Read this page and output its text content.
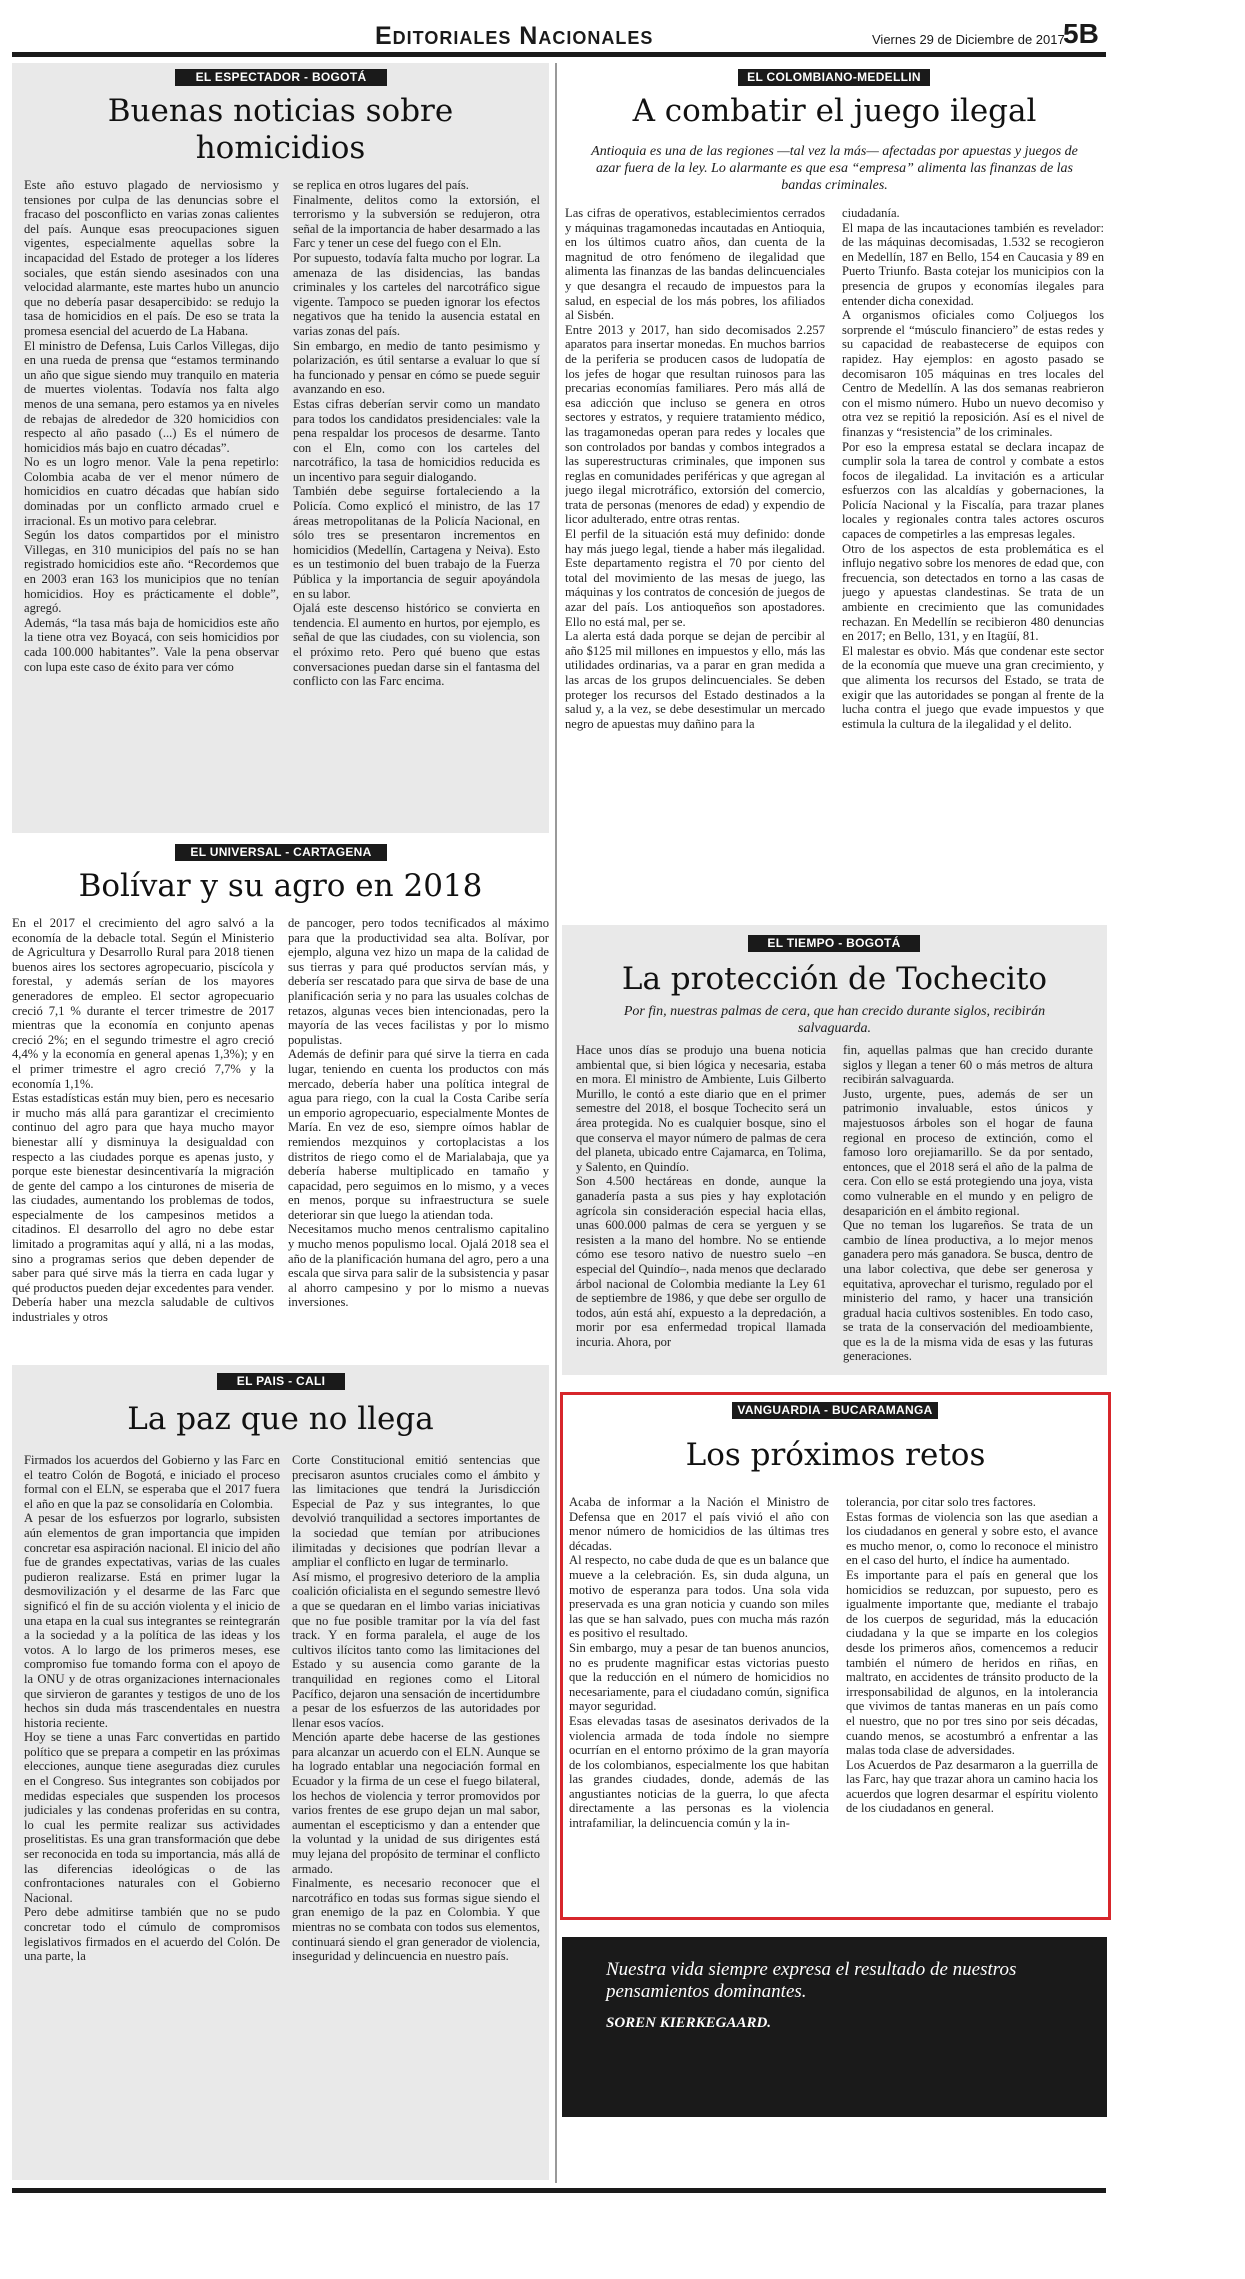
Editoriales Nacionales	Viernes 29 de Diciembre de 2017
5B
EL ESPECTADOR - BOGOTÁ
Buenas noticias sobre
homicidios
Este año estuvo plagado de nerviosismo y tensiones por culpa de las denuncias sobre el fracaso del posconflicto en varias zonas calientes del país. Aunque esas preocupaciones siguen vigentes, especialmente aquellas sobre la incapacidad del Estado de proteger a los líderes sociales, que están siendo asesinados con una velocidad alarmante, este martes hubo un anuncio que no debería pasar desapercibido: se redujo la tasa de homicidios en el país. De eso se trata la promesa esencial del acuerdo de La Habana.
El ministro de Defensa, Luis Carlos Villegas, dijo en una rueda de prensa que “estamos terminando un año que sigue siendo muy tranquilo en materia de muertes violentas. Todavía nos falta algo menos de una semana, pero estamos ya en niveles de rebajas de alrededor de 320 homicidios con respecto al año pasado (...) Es el número de homicidios más bajo en cuatro décadas”.
No es un logro menor. Vale la pena repetirlo: Colombia acaba de ver el menor número de homicidios en cuatro décadas que habían sido dominadas por un conflicto armado cruel e irracional. Es un motivo para celebrar.
Según los datos compartidos por el ministro Villegas, en 310 municipios del país no se han registrado homicidios este año. “Recordemos que en 2003 eran 163 los municipios que no tenían homicidios. Hoy es prácticamente el doble”, agregó.
Además, “la tasa más baja de homicidios este año la tiene otra vez Boyacá, con seis homicidios por cada 100.000 habitantes”. Vale la pena observar con lupa este caso de éxito para ver cómo
se replica en otros lugares del país.
Finalmente, delitos como la extorsión, el terrorismo y la subversión se redujeron, otra señal de la importancia de haber desarmado a las Farc y tener un cese del fuego con el Eln.
Por supuesto, todavía falta mucho por lograr. La amenaza de las disidencias, las bandas criminales y los carteles del narcotráfico sigue vigente. Tampoco se pueden ignorar los efectos negativos que ha tenido la ausencia estatal en varias zonas del país.
Sin embargo, en medio de tanto pesimismo y polarización, es útil sentarse a evaluar lo que sí ha funcionado y pensar en cómo se puede seguir avanzando en eso.
Estas cifras deberían servir como un mandato para todos los candidatos presidenciales: vale la pena respaldar los procesos de desarme. Tanto con el Eln, como con los carteles del narcotráfico, la tasa de homicidios reducida es un incentivo para seguir dialogando.
También debe seguirse fortaleciendo a la Policía. Como explicó el ministro, de las 17 áreas metropolitanas de la Policía Nacional, en sólo tres se presentaron incrementos en homicidios (Medellín, Cartagena y Neiva). Esto es un testimonio del buen trabajo de la Fuerza Pública y la importancia de seguir apoyándola en su labor.
Ojalá este descenso histórico se convierta en tendencia. El aumento en hurtos, por ejemplo, es señal de que las ciudades, con su violencia, son el próximo reto. Pero qué bueno que estas conversaciones puedan darse sin el fantasma del conflicto con las Farc encima.
EL UNIVERSAL - CARTAGENA
Bolívar y su agro en 2018
En el 2017 el crecimiento del agro salvó a la economía de la debacle total. Según el Ministerio de Agricultura y Desarrollo Rural para 2018 tienen buenos aires los sectores agropecuario, piscícola y forestal, y además serían de los mayores generadores de empleo. El sector agropecuario creció 7,1 % durante el tercer trimestre de 2017 mientras que la economía en conjunto apenas creció 2%; en el segundo trimestre el agro creció 4,4% y la economía en general apenas 1,3%); y en el primer trimestre el agro creció 7,7% y la economía 1,1%.
Estas estadísticas están muy bien, pero es necesario ir mucho más allá para garantizar el crecimiento continuo del agro para que haya mucho mayor bienestar allí y disminuya la desigualdad con respecto a las ciudades porque es apenas justo, y porque este bienestar desincentivaría la migración de gente del campo a los cinturones de miseria de las ciudades, aumentando los problemas de todos, especialmente de los campesinos metidos a citadinos. El desarrollo del agro no debe estar limitado a programitas aquí y allá, ni a las modas, sino a programas serios que deben depender de saber para qué sirve más la tierra en cada lugar y qué productos pueden dejar excedentes para vender. Debería haber una mezcla saludable de cultivos industriales y otros
de pancoger, pero todos tecnificados al máximo para que la productividad sea alta. Bolívar, por ejemplo, alguna vez hizo un mapa de la calidad de sus tierras y para qué productos servían más, y debería ser rescatado para que sirva de base de una planificación seria y no para las usuales colchas de retazos, algunas veces bien intencionadas, pero la mayoría de las veces facilistas y por lo mismo populistas.
Además de definir para qué sirve la tierra en cada lugar, teniendo en cuenta los productos con más mercado, debería haber una política integral de agua para riego, con la cual la Costa Caribe sería un emporio agropecuario, especialmente Montes de María. En vez de eso, siempre oímos hablar de remiendos mezquinos y cortoplacistas a los distritos de riego como el de Marialabaja, que ya debería haberse multiplicado en tamaño y capacidad, pero seguimos en lo mismo, y a veces en menos, porque su infraestructura se suele deteriorar sin que luego la atiendan toda.
Necesitamos mucho menos centralismo capitalino y mucho menos populismo local. Ojalá 2018 sea el año de la planificación humana del agro, pero a una escala que sirva para salir de la subsistencia y pasar al ahorro campesino y por lo mismo a nuevas inversiones.
EL PAIS - CALI
La paz que no llega
Firmados los acuerdos del Gobierno y las Farc en el teatro Colón de Bogotá, e iniciado el proceso formal con el ELN, se esperaba que el 2017 fuera el año en que la paz se consolidaría en Colombia.
A pesar de los esfuerzos por lograrlo, subsisten aún elementos de gran importancia que impiden concretar esa aspiración nacional. El inicio del año fue de grandes expectativas, varias de las cuales pudieron realizarse. Está en primer lugar la desmovilización y el desarme de las Farc que significó el fin de su acción violenta y el inicio de una etapa en la cual sus integrantes se reintegrarán a la sociedad y a la política de las ideas y los votos. A lo largo de los primeros meses, ese compromiso fue tomando forma con el apoyo de la ONU y de otras organizaciones internacionales que sirvieron de garantes y testigos de uno de los hechos sin duda más trascendentales en nuestra historia reciente.
Hoy se tiene a unas Farc convertidas en partido político que se prepara a competir en las próximas elecciones, aunque tiene aseguradas diez curules en el Congreso. Sus integrantes son cobijados por medidas especiales que suspenden los procesos judiciales y las condenas proferidas en su contra, lo cual les permite realizar sus actividades proselitistas. Es una gran transformación que debe ser reconocida en toda su importancia, más allá de las diferencias ideológicas o de las confrontaciones naturales con el Gobierno Nacional.
Pero debe admitirse también que no se pudo concretar todo el cúmulo de compromisos legislativos firmados en el acuerdo del Colón. De una parte, la
Corte Constitucional emitió sentencias que precisaron asuntos cruciales como el ámbito y las limitaciones que tendrá la Jurisdicción Especial de Paz y sus integrantes, lo que devolvió tranquilidad a sectores importantes de la sociedad que temían por atribuciones ilimitadas y decisiones que podrían llevar a ampliar el conflicto en lugar de terminarlo.
Así mismo, el progresivo deterioro de la amplia coalición oficialista en el segundo semestre llevó a que se quedaran en el limbo varias iniciativas que no fue posible tramitar por la vía del fast track. Y en forma paralela, el auge de los cultivos ilícitos tanto como las limitaciones del Estado y su ausencia como garante de la tranquilidad en regiones como el Litoral Pacífico, dejaron una sensación de incertidumbre a pesar de los esfuerzos de las autoridades por llenar esos vacíos.
Mención aparte debe hacerse de las gestiones para alcanzar un acuerdo con el ELN. Aunque se ha logrado entablar una negociación formal en Ecuador y la firma de un cese el fuego bilateral, los hechos de violencia y terror promovidos por varios frentes de ese grupo dejan un mal sabor, aumentan el escepticismo y dan a entender que la voluntad y la unidad de sus dirigentes está muy lejana del propósito de terminar el conflicto armado.
Finalmente, es necesario reconocer que el narcotráfico en todas sus formas sigue siendo el gran enemigo de la paz en Colombia. Y que mientras no se combata con todos sus elementos, continuará siendo el gran generador de violencia, inseguridad y delincuencia en nuestro país.
EL COLOMBIANO-MEDELLIN
A combatir el juego ilegal
Antioquia es una de las regiones —tal vez la más— afectadas por apuestas y juegos de azar fuera de la ley. Lo alarmante es que esa “empresa” alimenta las finanzas de las bandas criminales.
Las cifras de operativos, establecimientos cerrados y máquinas tragamonedas incautadas en Antioquia, en los últimos cuatro años, dan cuenta de la magnitud de otro fenómeno de ilegalidad que alimenta las finanzas de las bandas delincuenciales y que desangra el recaudo de impuestos para la salud, en especial de los más pobres, los afiliados al Sisbén.
Entre 2013 y 2017, han sido decomisados 2.257 aparatos para insertar monedas. En muchos barrios de la periferia se producen casos de ludopatía de los jefes de hogar que resultan ruinosos para las precarias economías familiares. Pero más allá de esa adicción que incluso se genera en otros sectores y estratos, y requiere tratamiento médico, las tragamonedas operan para redes y locales que son controlados por bandas y combos integrados a las superestructuras criminales, que imponen sus reglas en comunidades periféricas y que agregan al juego ilegal microtráfico, extorsión del comercio, trata de personas (menores de edad) y expendio de licor adulterado, entre otras rentas.
El perfil de la situación está muy definido: donde hay más juego legal, tiende a haber más ilegalidad. Este departamento registra el 70 por ciento del total del movimiento de las mesas de juego, las máquinas y los contratos de concesión de juegos de azar del país. Los antioqueños son apostadores. Ello no está mal, per se.
La alerta está dada porque se dejan de percibir al año $125 mil millones en impuestos y ello, más las utilidades ordinarias, va a parar en gran medida a las arcas de los grupos delincuenciales. Se deben proteger los recursos del Estado destinados a la salud y, a la vez, se debe desestimular un mercado negro de apuestas muy dañino para la
ciudadanía.
El mapa de las incautaciones también es revelador: de las máquinas decomisadas, 1.532 se recogieron en Medellín, 187 en Bello, 154 en Caucasia y 89 en Puerto Triunfo. Basta cotejar los municipios con la presencia de grupos y economías ilegales para entender dicha conexidad.
A organismos oficiales como Coljuegos los sorprende el “músculo financiero” de estas redes y su capacidad de reabastecerse de equipos con rapidez. Hay ejemplos: en agosto pasado se decomisaron 105 máquinas en tres locales del Centro de Medellín. A las dos semanas reabrieron con el mismo número. Hubo un nuevo decomiso y otra vez se repitió la reposición. Así es el nivel de finanzas y “resistencia” de los criminales.
Por eso la empresa estatal se declara incapaz de cumplir sola la tarea de control y combate a estos focos de ilegalidad. La invitación es a articular esfuerzos con las alcaldías y gobernaciones, la Policía Nacional y la Fiscalía, para trazar planes locales y regionales contra tales actores oscuros capaces de competirles a las empresas legales.
Otro de los aspectos de esta problemática es el influjo negativo sobre los menores de edad que, con frecuencia, son detectados en torno a las casas de juego y apuestas clandestinas. Se trata de un ambiente en crecimiento que las comunidades rechazan. En Medellín se recibieron 480 denuncias en 2017; en Bello, 131, y en Itagüí, 81.
El malestar es obvio. Más que condenar este sector de la economía que mueve una gran crecimiento, y que alimenta los recursos del Estado, se trata de exigir que las autoridades se pongan al frente de la lucha contra el juego que evade impuestos y que estimula la cultura de la ilegalidad y el delito.
EL TIEMPO - BOGOTÁ
La protección de Tochecito
Por fin, nuestras palmas de cera, que han crecido durante siglos, recibirán salvaguarda.
Hace unos días se produjo una buena noticia ambiental que, si bien lógica y necesaria, estaba en mora. El ministro de Ambiente, Luis Gilberto Murillo, le contó a este diario que en el primer semestre del 2018, el bosque Tochecito será un área protegida. No es cualquier bosque, sino el que conserva el mayor número de palmas de cera del planeta, ubicado entre Cajamarca, en Tolima, y Salento, en Quindío.
Son 4.500 hectáreas en donde, aunque la ganadería pasta a sus pies y hay explotación agrícola sin consideración especial hacia ellas, unas 600.000 palmas de cera se yerguen y se resisten a la mano del hombre. No se entiende cómo ese tesoro nativo de nuestro suelo –en especial del Quindío–, nada menos que declarado árbol nacional de Colombia mediante la Ley 61 de septiembre de 1986, y que debe ser orgullo de todos, aún está ahí, expuesto a la depredación, a morir por esa enfermedad tropical llamada incuria. Ahora, por
fin, aquellas palmas que han crecido durante siglos y llegan a tener 60 o más metros de altura recibirán salvaguarda.
Justo, urgente, pues, además de ser un patrimonio invaluable, estos únicos y majestuosos árboles son el hogar de fauna regional en proceso de extinción, como el famoso loro orejiamarillo. Se da por sentado, entonces, que el 2018 será el año de la palma de cera. Con ello se está protegiendo una joya, vista como vulnerable en el mundo y en peligro de desaparición en el ámbito regional.
Que no teman los lugareños. Se trata de un cambio de línea productiva, a lo mejor menos ganadera pero más ganadora. Se busca, dentro de una labor colectiva, que debe ser generosa y equitativa, aprovechar el turismo, regulado por el ministerio del ramo, y hacer una transición gradual hacia cultivos sostenibles. En todo caso, se trata de la conservación del medioambiente, que es la de la misma vida de esas y las futuras generaciones.
VANGUARDIA - BUCARAMANGA
Los próximos retos
Acaba de informar a la Nación el Ministro de Defensa que en 2017 el país vivió el año con menor número de homicidios de las últimas tres décadas.
Al respecto, no cabe duda de que es un balance que mueve a la celebración. Es, sin duda alguna, un motivo de esperanza para todos. Una sola vida preservada es una gran noticia y cuando son miles las que se han salvado, pues con mucha más razón es positivo el resultado.
Sin embargo, muy a pesar de tan buenos anuncios, no es prudente magnificar estas victorias puesto que la reducción en el número de homicidios no necesariamente, para el ciudadano común, significa mayor seguridad.
Esas elevadas tasas de asesinatos derivados de la violencia armada de toda índole no siempre ocurrían en el entorno próximo de la gran mayoría de los colombianos, especialmente los que habitan las grandes ciudades, donde, además de las angustiantes noticias de la guerra, lo que afecta directamente a las personas es la violencia intrafamiliar, la delincuencia común y la in-
tolerancia, por citar solo tres factores.
Estas formas de violencia son las que asedian a los ciudadanos en general y sobre esto, el avance es mucho menor, o, como lo reconoce el ministro en el caso del hurto, el índice ha aumentado.
Es importante para el país en general que los homicidios se reduzcan, por supuesto, pero es igualmente importante que, mediante el trabajo de los cuerpos de seguridad, más la educación ciudadana y la que se imparte en los colegios desde los primeros años, comencemos a reducir también el número de heridos en riñas, en maltrato, en accidentes de tránsito producto de la irresponsabilidad de algunos, en la intolerancia que vivimos de tantas maneras en un país como el nuestro, que no por tres sino por seis décadas, cuando menos, se acostumbró a enfrentar a las malas toda clase de adversidades.
Los Acuerdos de Paz desarmaron a la guerrilla de las Farc, hay que trazar ahora un camino hacia los acuerdos que logren desarmar el espíritu violento de los ciudadanos en general.
Nuestra vida siempre expresa el resultado de nuestros pensamientos dominantes.
SOREN KIERKEGAARD.
